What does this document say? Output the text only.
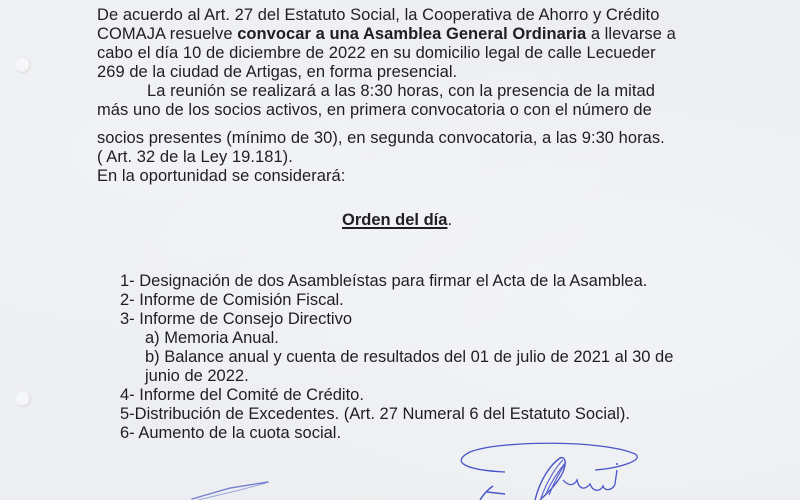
De acuerdo al Art. 27 del Estatuto Social, la Cooperativa de Ahorro y Crédito
COMAJA resuelve convocar a una Asamblea General Ordinaria a llevarse a
cabo el día 10 de diciembre de 2022 en su domicilio legal de calle Lecueder
269 de la ciudad de Artigas, en forma presencial.
La reunión se realizará a las 8:30 horas, con la presencia de la mitad
más uno de los socios activos, en primera convocatoria o con el número de
socios presentes (mínimo de 30), en segunda convocatoria, a las 9:30 horas.
( Art. 32 de la Ley 19.181).
En la oportunidad se considerará:
Orden del día.
1- Designación de dos Asambleístas para firmar el Acta de la Asamblea.
2- Informe de Comisión Fiscal.
3- Informe de Consejo Directivo
a) Memoria Anual.
b) Balance anual y cuenta de resultados del 01 de julio de 2021 al 30 de
junio de 2022.
4- Informe del Comité de Crédito.
5-Distribución de Excedentes. (Art. 27 Numeral 6 del Estatuto Social).
6- Aumento de la cuota social.
